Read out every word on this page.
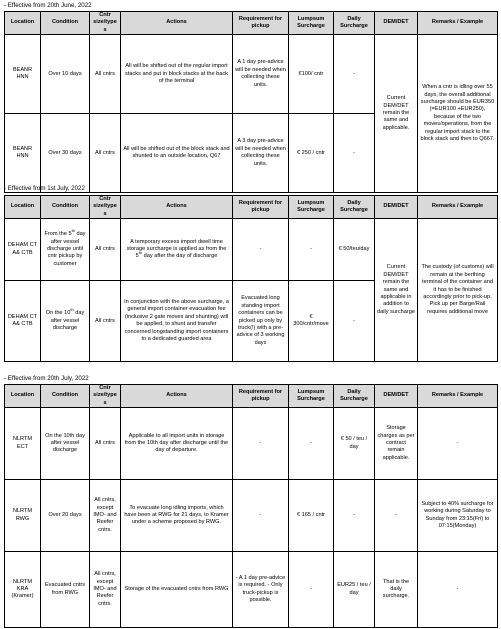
- Effective from 20th June, 2022
Location	Condition	Cntr size/types	Actions	Requirement for pickup	Lumpsum Surcharge	Daily Surcharge	DEM/DET	Remarks / Example
BEANR HNN	Over 10 days	All cntrs	All will be shifted out of the regular import stacks and put in block stacks at the back of the terminal	A 1 day pre-advice will be needed when collecting these units.	€100/ cntr	-	Current DEM/DET remain the same and applicable.	When a cntr is idling over 55 days, the overall additional surcharge should be EUR350 (=EUR100 +EUR250), because of the two moves/operations, from the regular import stack to the block stack and then to Q667.
BEANR HNN	Over 30 days	All cntrs	All will be shifted out of the block stack and shunted to an outside location, Q67	A 3 day pre-advice will be needed when collecting these units.	€ 250 / cntr	-		
- Effective from 1st July, 2022
Location	Condition	Cntr size/types	Actions	Requirement for pickup	Lumpsum Surcharge	Daily Surcharge	DEM/DET	Remarks / Example
DEHAM CT A& CTB	From the 5th day after vessel discharge until cntr pickup by customer	All cntrs	A temporary excess import dwell time storage surcharge is applied as from the 5th day after the day of discharge	-	-	€ 50/teu/day	Current DEM/DET remain the same and applicable in addition to daily surcharge	The custody (of customs) will remain at the berthing terminal of the container and it has to be finished accordingly prior to pick-up. Pick up per Barge/Rail requires additional move
DEHAM CT A& CTB	On the 10th day after vessel discharge	All cntrs	In conjunction with the above surcharge, a general import container evacuation fee (inclusive 2 gate moves and shunting) will be applied, to shunt and transfer concerned longstanding import containers to a dedicated guarded area	Evacuated long standing import containers can be picked up only by truck(!) with a pre-advice of 3 working days	€ 300/cntr/move	-		
- Effective from 20th July, 2022
Location	Condition	Cntr size/types	Actions	Requirement for pickup	Lumpsum Surcharge	Daily Surcharge	DEM/DET	Remarks / Example
NLRTM ECT	On the 10th day after vessel discharge	All cntrs	Applicable to all import units in storage from the 10th day after discharge until the day of departure.	-	-	€ 50 / teu / day	Storage charges as per contract remain applicable.	-
NLRTM RWG	Over 20 days	All cntrs, except IMO- and Reefer cntrs.	To evacuate long idling imports, which have been at RWG for 21 days, to Kramer under a scheme proposed by RWG.	-	€ 165 / cntr	-	-	Subject to 40% surcharge for working during Saturday to Sunday from 23:15(Fri) to 07:15(Monday)
NLRTM KRA (Kramer)	Evacuated cntrs from RWG	All cntrs, except IMO- and Reefer cntrs.	Storage of the evacuated cntrs from RWG	- A 1 day pre-advice is required. - Only truck-pickup is possible.	-	EUR25 / teu / day	That is the daily surcharge.	-
